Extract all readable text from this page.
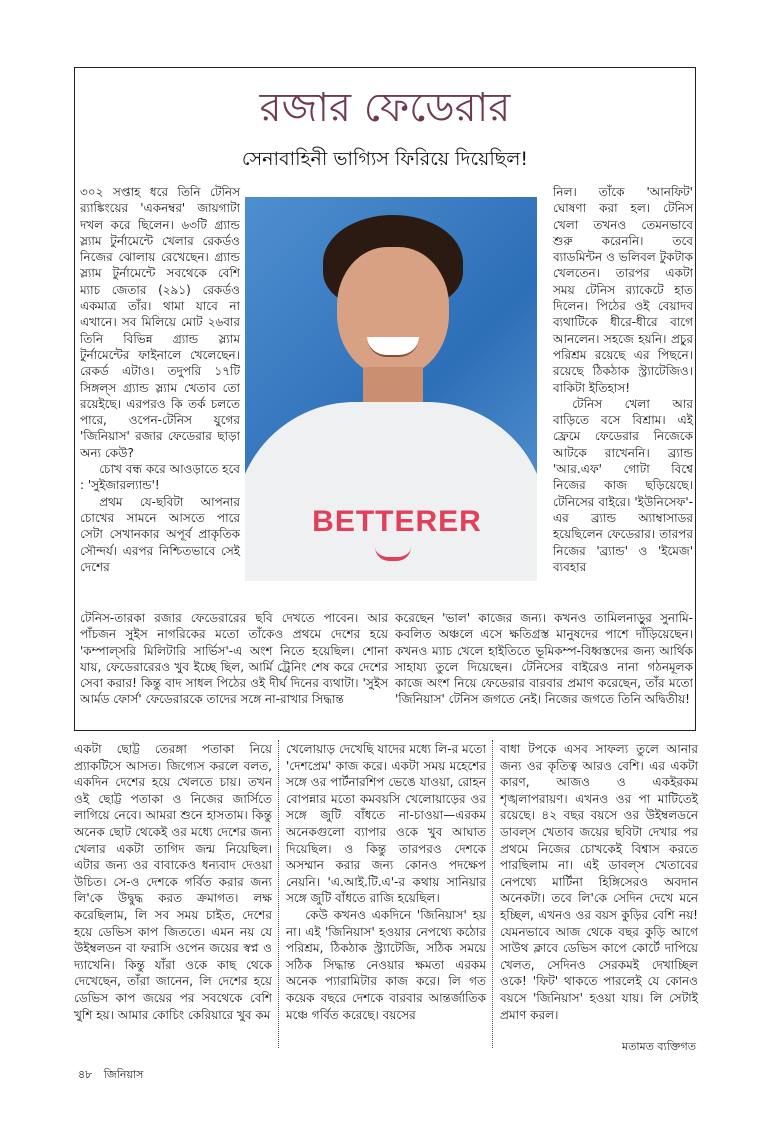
রজার ফেডেরার
সেনাবাহিনী ভাগ্যিস ফিরিয়ে দিয়েছিল!

৩০২ সপ্তাহ ধরে তিনি টেনিস র‍্যাঙ্কিংয়ের 'একনম্বর' জায়গাটা দখল করে ছিলেন। ৬৩টি গ্র্যান্ড স্ল্যাম টুর্নামেন্টে খেলার রেকর্ডও নিজের ঝোলায় রেখেছেন। গ্র্যান্ড স্ল্যাম টুর্নামেন্টে সবথেকে বেশি ম্যাচ জেতার (২৯১) রেকর্ডও একমাত্র তাঁর। থামা যাবে না এখানে। সব মিলিয়ে মোট ২৬বার তিনি বিভিন্ন গ্র্যান্ড স্ল্যাম টুর্নামেন্টের ফাইনালে খেলেছেন। রেকর্ড এটাও। তদুপরি ১৭টি সিঙ্গল্‌স গ্র্যান্ড স্ল্যাম খেতাব তো রয়েইছে। এরপরও কি তর্ক চলতে পারে, ওপেন-টেনিস যুগের 'জিনিয়াস' রজার ফেডেরার ছাড়া অন্য কেউ?

চোখ বন্ধ করে আওড়াতে হবে : 'সুইজারল্যান্ড'!

প্রথম যে-ছবিটা আপনার চোখের সামনে আসতে পারে সেটা সেখানকার অপূর্ব প্রাকৃতিক সৌন্দর্য। এরপর নিশ্চিতভাবে সেই দেশের

BETTERER

নিল। তাঁকে 'আনফিট' ঘোষণা করা হল। টেনিস খেলা তখনও তেমনভাবে শুরু করেননি। তবে ব্যাডমিন্টন ও ভলিবল টুকটাক খেলতেন। তারপর একটা সময় টেনিস র‍্যাকেটে হাত দিলেন। পিঠের ওই বেয়াদব ব্যথাটিকে ধীরে-ধীরে বাগে আনলেন। সহজে হয়নি। প্রচুর পরিশ্রম রয়েছে এর পিছনে। রয়েছে ঠিকঠাক স্ট্র্যাটেজিও। বাকিটা ইতিহাস!

টেনিস খেলা আর বাড়িতে বসে বিশ্রাম। এই ফ্রেমে ফেডেরার নিজেকে আটকে রাখেননি। ব্র্যান্ড 'আর.এফ' গোটা বিশ্বে নিজের কাজ ছড়িয়েছে। টেনিসের বাইরে। 'ইউনিসেফ'-এর ব্র্যান্ড অ্যাম্বাসাডর হয়েছিলেন ফেডেরার। তারপর নিজের 'ব্র্যান্ড' ও 'ইমেজ' ব্যবহার

টেনিস-তারকা রজার ফেডেরারের ছবি দেখতে পাবেন। আর পাঁচজন সুইস নাগরিকের মতো তাঁকেও প্রথমে দেশের হয়ে 'কম্পাল্‌সরি মিলিটারি সার্ভিস'-এ অংশ নিতে হয়েছিল। শোনা যায়, ফেডেরারেরও খুব ইচ্ছে ছিল, আর্মি ট্রেনিং শেষ করে দেশের সেবা করার! কিন্তু বাদ সাধল পিঠের ওই দীর্ঘ দিনের ব্যথাটা। 'সুইস আর্মড ফোর্স' ফেডেরারকে তাদের সঙ্গে না-রাখার সিদ্ধান্ত

করেছেন 'ভাল' কাজের জন্য। কখনও তামিলনাড়ুর সুনামি-কবলিত অঞ্চলে এসে ক্ষতিগ্রস্ত মানুষদের পাশে দাঁড়িয়েছেন। কখনও ম্যাচ খেলে হাইতিতে ভূমিকম্প-বিধ্বস্তদের জন্য আর্থিক সাহায্য তুলে দিয়েছেন। টেনিসের বাইরেও নানা গঠনমূলক কাজে অংশ নিয়ে ফেডেরার বারবার প্রমাণ করেছেন, তাঁর মতো 'জিনিয়াস' টেনিস জগতে নেই। নিজের জগতে তিনি অদ্বিতীয়!

একটা ছোট্ট তেরঙ্গা পতাকা নিয়ে প্র্যাকটিসে আসত। জিগ্যেস করলে বলত, একদিন দেশের হয়ে খেলতে চায়। তখন ওই ছোট্ট পতাকা ও নিজের জার্সিতে লাগিয়ে নেবে। আমরা শুনে হাসতাম। কিন্তু অনেক ছোট থেকেই ওর মধ্যে দেশের জন্য খেলার একটা তাগিদ জন্ম নিয়েছিল। এটার জন্য ওর বাবাকেও ধন্যবাদ দেওয়া উচিত। সে-ও দেশকে গর্বিত করার জন্য লি'কে উদ্বুদ্ধ করত ক্রমাগত। লক্ষ করেছিলাম, লি সব সময় চাইত, দেশের হয়ে ডেভিস কাপ জিততে। এমন নয় যে উইম্বলডন বা ফরাসি ওপেন জয়ের স্বপ্ন ও দ্যাখেনি। কিন্তু যাঁরা ওকে কাছ থেকে দেখেছেন, তাঁরা জানেন, লি দেশের হয়ে ডেভিস কাপ জয়ের পর সবথেকে বেশি খুশি হয়। আমার কোচিং কেরিয়ারে খুব কম

খেলোয়াড় দেখেছি যাদের মধ্যে লি-র মতো 'দেশপ্রেম' কাজ করে। একটা সময় মহেশের সঙ্গে ওর পার্টনারশিপ ভেঙে যাওয়া, রোহন বোপন্নার মতো কমবয়সি খেলোয়াড়ের ওর সঙ্গে জুটি বাঁধতে না-চাওয়া—এরকম অনেকগুলো ব্যাপার ওকে খুব আঘাত দিয়েছিল। ও কিন্তু তারপরও দেশকে অসম্মান করার জন্য কোনও পদক্ষেপ নেয়নি। 'এ.আই.টি.এ'-র কথায় সানিয়ার সঙ্গে জুটি বাঁধতে রাজি হয়েছিল।

কেউ কখনও একদিনে 'জিনিয়াস' হয় না। এই 'জিনিয়াস' হওয়ার নেপথ্যে কঠোর পরিশ্রম, ঠিকঠাক স্ট্র্যাটেজি, সঠিক সময়ে সঠিক সিদ্ধান্ত নেওয়ার ক্ষমতা এরকম অনেক প্যারামিটার কাজ করে। লি গত কয়েক বছরে দেশকে বারবার আন্তর্জাতিক মঞ্চে গর্বিত করেছে। বয়সের

বাধা টপকে এসব সাফল্য তুলে আনার জন্য ওর কৃতিত্ব আরও বেশি। এর একটা কারণ, আজও ও একইরকম শৃঙ্খলাপরায়ণ। এখনও ওর পা মাটিতেই রয়েছে। ৪২ বছর বয়সে ওর উইম্বলডনে ডাবল্‌স খেতাব জয়ের ছবিটা দেখার পর প্রথমে নিজের চোখকেই বিশ্বাস করতে পারছিলাম না। এই ডাবল্‌স খেতাবের নেপথ্যে মার্টিনা হিঙ্গিসেরও অবদান অনেকটা। তবে লি'কে সেদিন দেখে মনে হচ্ছিল, এখনও ওর বয়স কুড়ির বেশি নয়! যেমনভাবে আজ থেকে বছর কুড়ি আগে সাউথ ক্লাবে ডেভিস কাপে কোর্টে দাপিয়ে খেলত, সেদিনও সেরকমই দেখাচ্ছিল ওকে! 'ফিট' থাকতে পারলেই যে কোনও বয়সে 'জিনিয়াস' হওয়া যায়। লি সেটাই প্রমাণ করল।

মতামত ব্যক্তিগত
৪৮ জিনিয়াস
